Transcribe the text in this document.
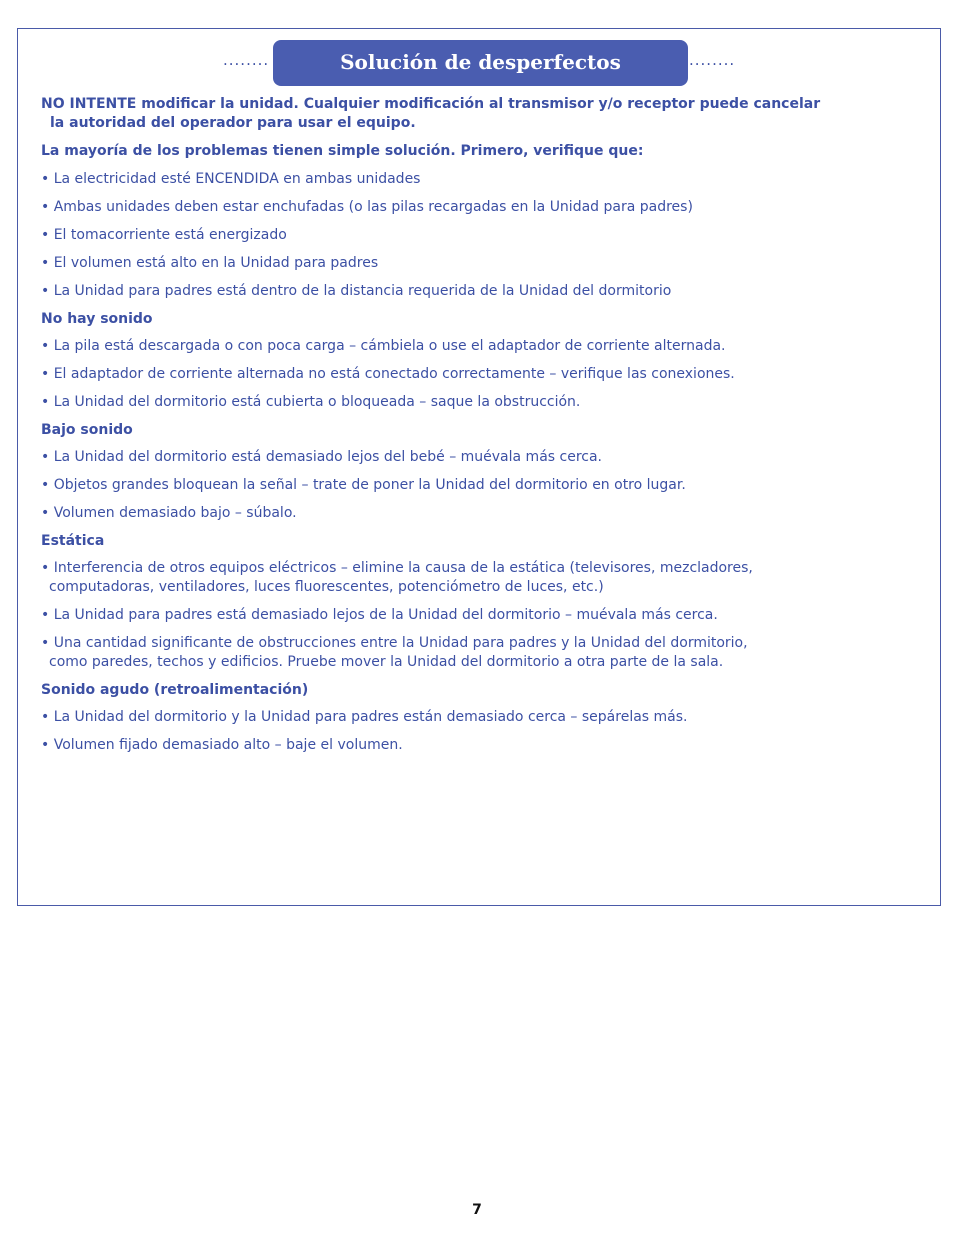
........	Solución de desperfectos	........

NO INTENTE modificar la unidad. Cualquier modificación al transmisor y/o receptor puede cancelar

la autoridad del operador para usar el equipo.

La mayoría de los problemas tienen simple solución. Primero, verifique que:

• La electricidad esté ENCENDIDA en ambas unidades

• Ambas unidades deben estar enchufadas (o las pilas recargadas en la Unidad para padres)

• El tomacorriente está energizado

• El volumen está alto en la Unidad para padres

• La Unidad para padres está dentro de la distancia requerida de la Unidad del dormitorio

No hay sonido

• La pila está descargada o con poca carga – cámbiela o use el adaptador de corriente alternada.

• El adaptador de corriente alternada no está conectado correctamente – verifique las conexiones.

• La Unidad del dormitorio está cubierta o bloqueada – saque la obstrucción.

Bajo sonido

• La Unidad del dormitorio está demasiado lejos del bebé – muévala más cerca.

• Objetos grandes bloquean la señal – trate de poner la Unidad del dormitorio en otro lugar.

• Volumen demasiado bajo – súbalo.

Estática

• Interferencia de otros equipos eléctricos – elimine la causa de la estática (televisores, mezcladores,
computadoras, ventiladores, luces fluorescentes, potenciómetro de luces, etc.)

• La Unidad para padres está demasiado lejos de la Unidad del dormitorio – muévala más cerca.

• Una cantidad significante de obstrucciones entre la Unidad para padres y la Unidad del dormitorio,
como paredes, techos y edificios. Pruebe mover la Unidad del dormitorio a otra parte de la sala.

Sonido agudo (retroalimentación)

• La Unidad del dormitorio y la Unidad para padres están demasiado cerca – sepárelas más.

• Volumen fijado demasiado alto – baje el volumen.

7
